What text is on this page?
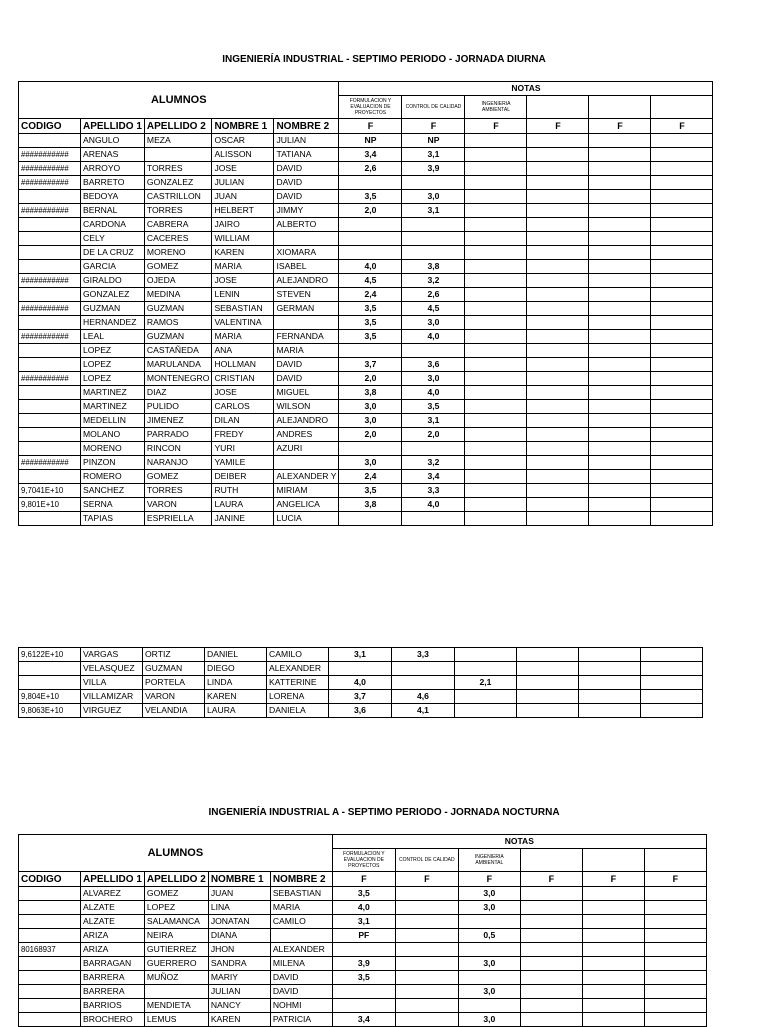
INGENIERÍA INDUSTRIAL - SEPTIMO PERIODO - JORNADA DIURNA
ALUMNOS					NOTAS					
					FORMULACION Y EVALUACION DE PROYECTOS	CONTROL DE CALIDAD	INGENIERIA AMBIENTAL			
CODIGO	APELLIDO 1	APELLIDO 2	NOMBRE 1	NOMBRE 2	F	F	F	F	F	F
	ANGULO	MEZA	OSCAR	JULIAN	NP	NP				
###########	ARENAS		ALISSON	TATIANA	3,4	3,1				
###########	ARROYO	TORRES	JOSE	DAVID	2,6	3,9				
###########	BARRETO	GONZALEZ	JULIAN	DAVID						
	BEDOYA	CASTRILLON	JUAN	DAVID	3,5	3,0				
###########	BERNAL	TORRES	HELBERT	JIMMY	2,0	3,1				
	CARDONA	CABRERA	JAIRO	ALBERTO						
	CELY	CACERES	WILLIAM							
	DE LA CRUZ	MORENO	KAREN	XIOMARA						
	GARCIA	GOMEZ	MARIA	ISABEL	4,0	3,8				
###########	GIRALDO	OJEDA	JOSE	ALEJANDRO	4,5	3,2				
	GONZALEZ	MEDINA	LENIN	STEVEN	2,4	2,6				
###########	GUZMAN	GUZMAN	SEBASTIAN	GERMAN	3,5	4,5				
	HERNANDEZ	RAMOS	VALENTINA		3,5	3,0				
###########	LEAL	GUZMAN	MARIA	FERNANDA	3,5	4,0				
	LOPEZ	CASTAÑEDA	ANA	MARIA						
	LOPEZ	MARULANDA	HOLLMAN	DAVID	3,7	3,6				
###########	LOPEZ	MONTENEGRO	CRISTIAN	DAVID	2,0	3,0				
	MARTINEZ	DIAZ	JOSE	MIGUEL	3,8	4,0				
	MARTINEZ	PULIDO	CARLOS	WILSON	3,0	3,5				
	MEDELLIN	JIMENEZ	DILAN	ALEJANDRO	3,0	3,1				
	MOLANO	PARRADO	FREDY	ANDRES	2,0	2,0				
	MORENO	RINCON	YURI	AZURI						
###########	PINZON	NARANJO	YAMILE		3,0	3,2				
	ROMERO	GOMEZ	DEIBER	ALEXANDER Y	2,4	3,4				
9,7041E+10	SANCHEZ	TORRES	RUTH	MIRIAM	3,5	3,3				
9,801E+10	SERNA	VARON	LAURA	ANGELICA	3,8	4,0				
	TAPIAS	ESPRIELLA	JANINE	LUCIA						
9,6122E+10	VARGAS	ORTIZ	DANIEL	CAMILO	3,1	3,3				
	VELASQUEZ	GUZMAN	DIEGO	ALEXANDER						
	VILLA	PORTELA	LINDA	KATTERINE	4,0		2,1			
9,804E+10	VILLAMIZAR	VARON	KAREN	LORENA	3,7	4,6				
9,8063E+10	VIRGUEZ	VELANDIA	LAURA	DANIELA	3,6	4,1				
INGENIERÍA INDUSTRIAL A - SEPTIMO PERIODO - JORNADA NOCTURNA
ALUMNOS					NOTAS					
					FORMULACION Y EVALUACION DE PROYECTOS	CONTROL DE CALIDAD	INGENIERIA AMBIENTAL			
CODIGO	APELLIDO 1	APELLIDO 2	NOMBRE 1	NOMBRE 2	F	F	F	F	F	F
	ALVAREZ	GOMEZ	JUAN	SEBASTIAN	3,5		3,0			
	ALZATE	LOPEZ	LINA	MARIA	4,0		3,0			
	ALZATE	SALAMANCA	JONATAN	CAMILO	3,1					
	ARIZA	NEIRA	DIANA		PF		0,5			
80168937	ARIZA	GUTIERREZ	JHON	ALEXANDER						
	BARRAGAN	GUERRERO	SANDRA	MILENA	3,9		3,0			
	BARRERA	MUÑOZ	MARIY	DAVID	3,5					
	BARRERA		JULIAN	DAVID			3,0			
	BARRIOS	MENDIETA	NANCY	NOHMI						
	BROCHERO	LEMUS	KAREN	PATRICIA	3,4		3,0			
